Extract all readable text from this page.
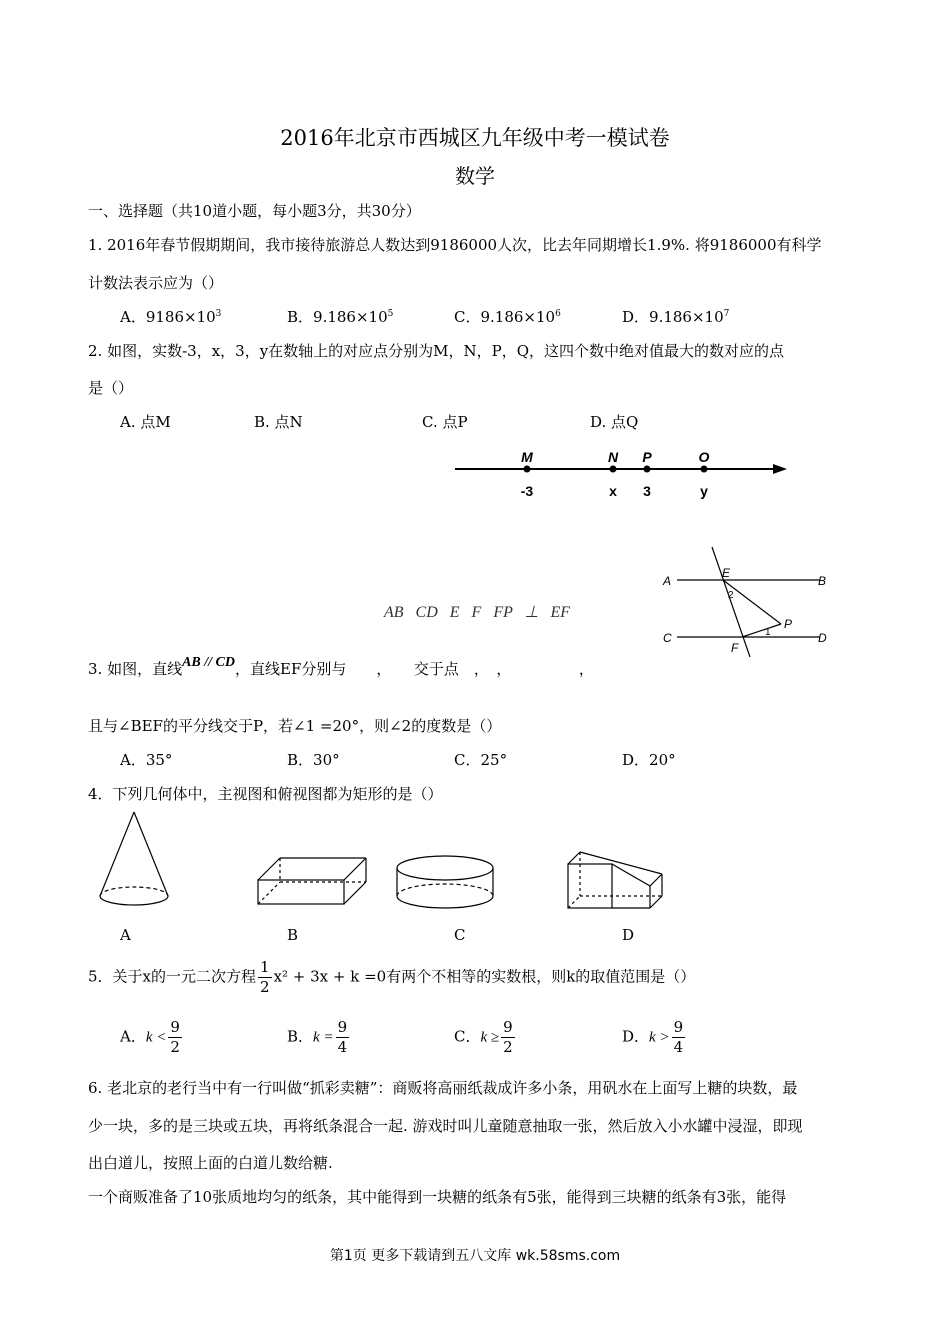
2016年北京市西城区九年级中考一模试卷
数学
一、选择题（共10道小题，每小题3分，共30分）
1. 2016年春节假期期间，我市接待旅游总人数达到9186000人次，比去年同期增长1.9%. 将9186000有科学
计数法表示应为（）
A．$9186\times 10^3$	B．$9.186\times 10^5$	C．$9.186\times 10^6$	D．$9.186\times 10^7$
2. 如图，实数-3，x，3，y在数轴上的对应点分别为M，N，P，Q，这四个数中绝对值最大的数对应的点
是（）
A. 点M	B. 点N	C. 点P	D. 点Q
M	N P	O
-3	x 3	y
AB CD E F FP ⊥ EF
A
E
B
2
P
C
F
1	D
3. 如图，直线AB // CD，直线EF分别与　　，　　交于点　，　，　　　　　，
且与∠BEF的平分线交于P，若∠1 =20°，则∠2的度数是（）
A．35°	B．30°	C．25°	D．20°
4．下列几何体中，主视图和俯视图都为矩形的是（）
A	B	C	D
5．关于x的一元二次方程 $\frac{1}{2} x^2 + 3x + k =0$有两个不相等的实数根，则k的取值范围是（）
A．$k < \frac{9}{2}$	B．$k = \frac{9}{4}$	C．$k \ge \frac{9}{2}$	D．$k > \frac{9}{4}$
6. 老北京的老行当中有一行叫做“抓彩卖糖”：商贩将高丽纸裁成许多小条，用矾水在上面写上糖的块数，最
少一块，多的是三块或五块，再将纸条混合一起. 游戏时叫儿童随意抽取一张，然后放入小水罐中浸湿，即现
出白道儿，按照上面的白道儿数给糖.
一个商贩准备了10张质地均匀的纸条，其中能得到一块糖的纸条有5张，能得到三块糖的纸条有3张，能得
第1页 更多下载请到五八文库 wk.58sms.com
